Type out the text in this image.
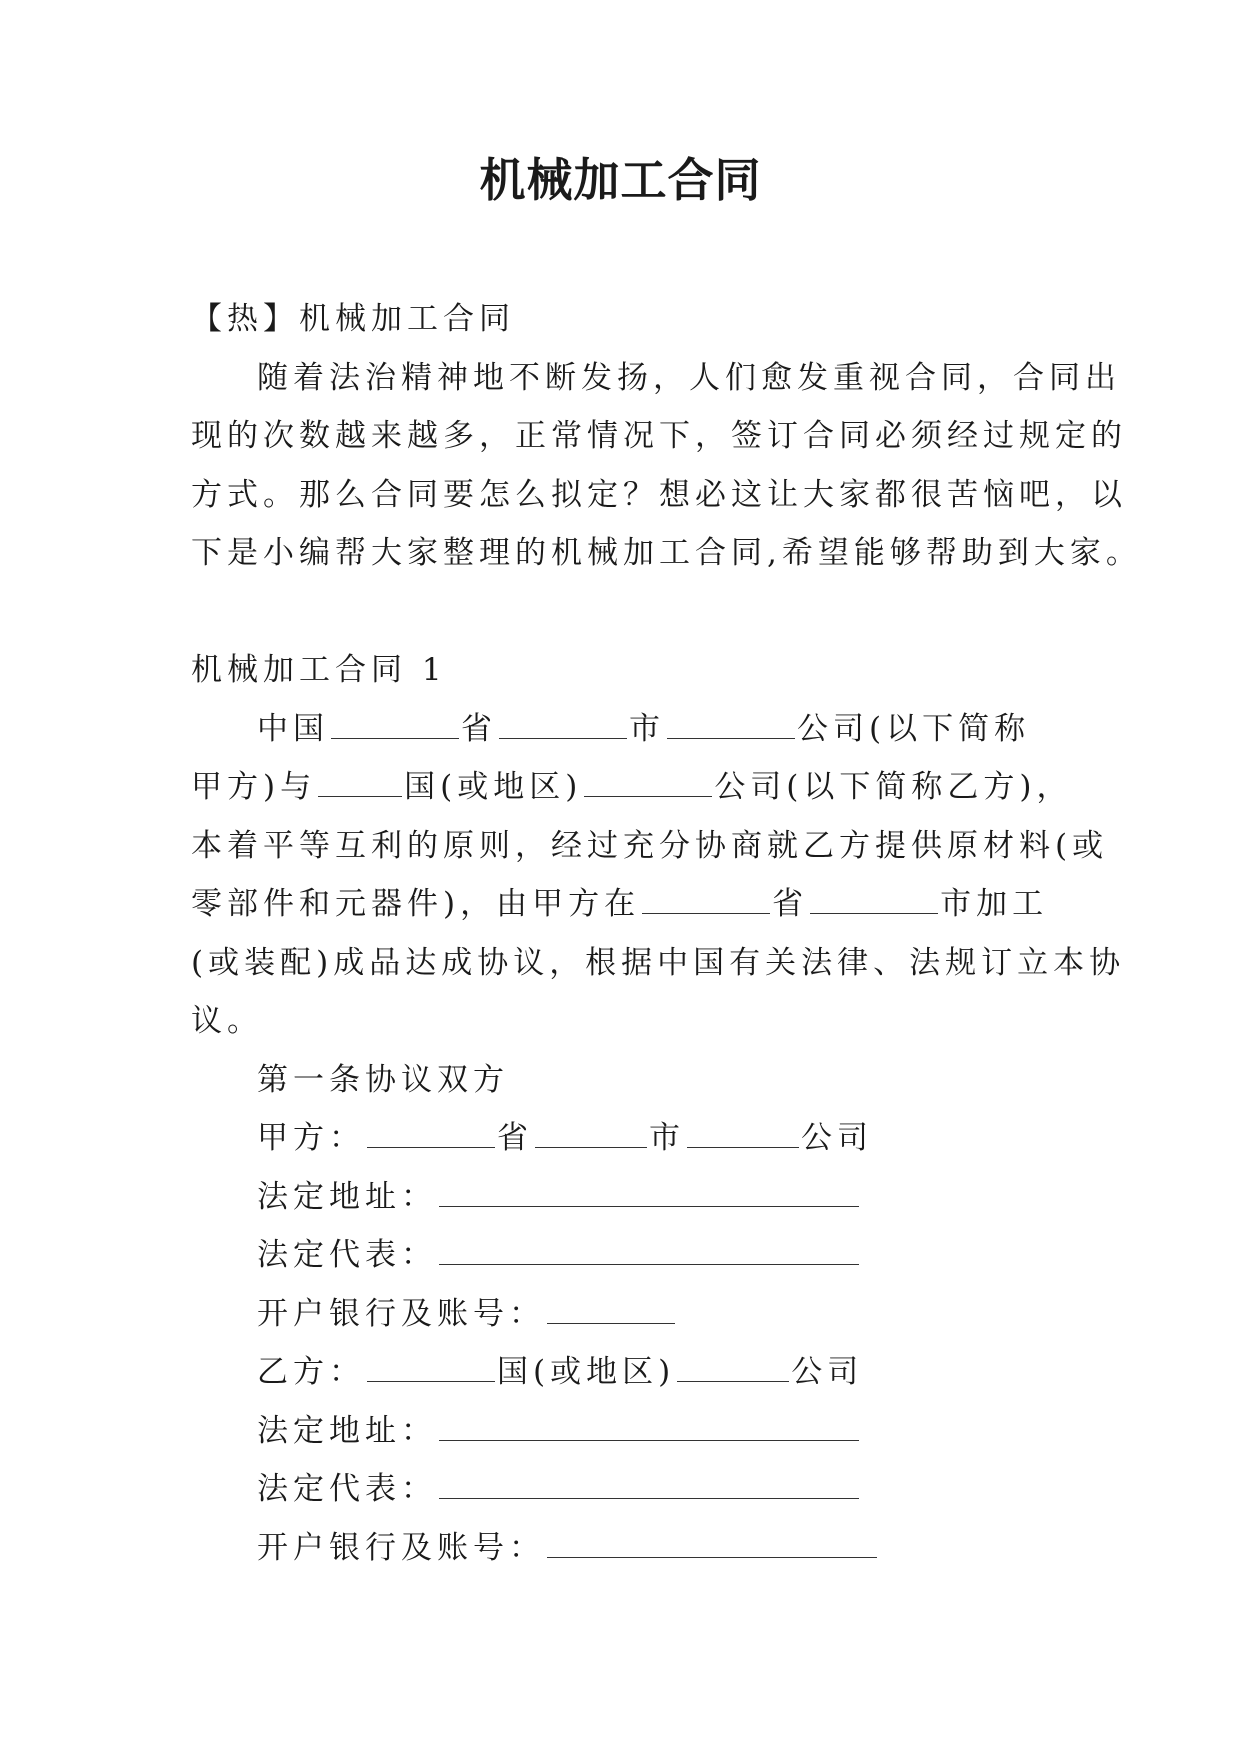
机械加工合同
【热】机械加工合同
随着法治精神地不断发扬，人们愈发重视合同，合同出
现的次数越来越多，正常情况下，签订合同必须经过规定的
方式。那么合同要怎么拟定？想必这让大家都很苦恼吧，以
下是小编帮大家整理的机械加工合同,希望能够帮助到大家。
机械加工合同 1
中国	省	市	公司(以下简称
甲方)与	国(或地区)	公司(以下简称乙方)，
本着平等互利的原则，经过充分协商就乙方提供原材料(或
零部件和元器件)，由甲方在	省	市加工
(或装配)成品达成协议，根据中国有关法律、法规订立本协
议。
第一条协议双方
甲方：	省	市	公司
法定地址：
法定代表：
开户银行及账号：
乙方：	国(或地区)	公司
法定地址：
法定代表：
开户银行及账号：
